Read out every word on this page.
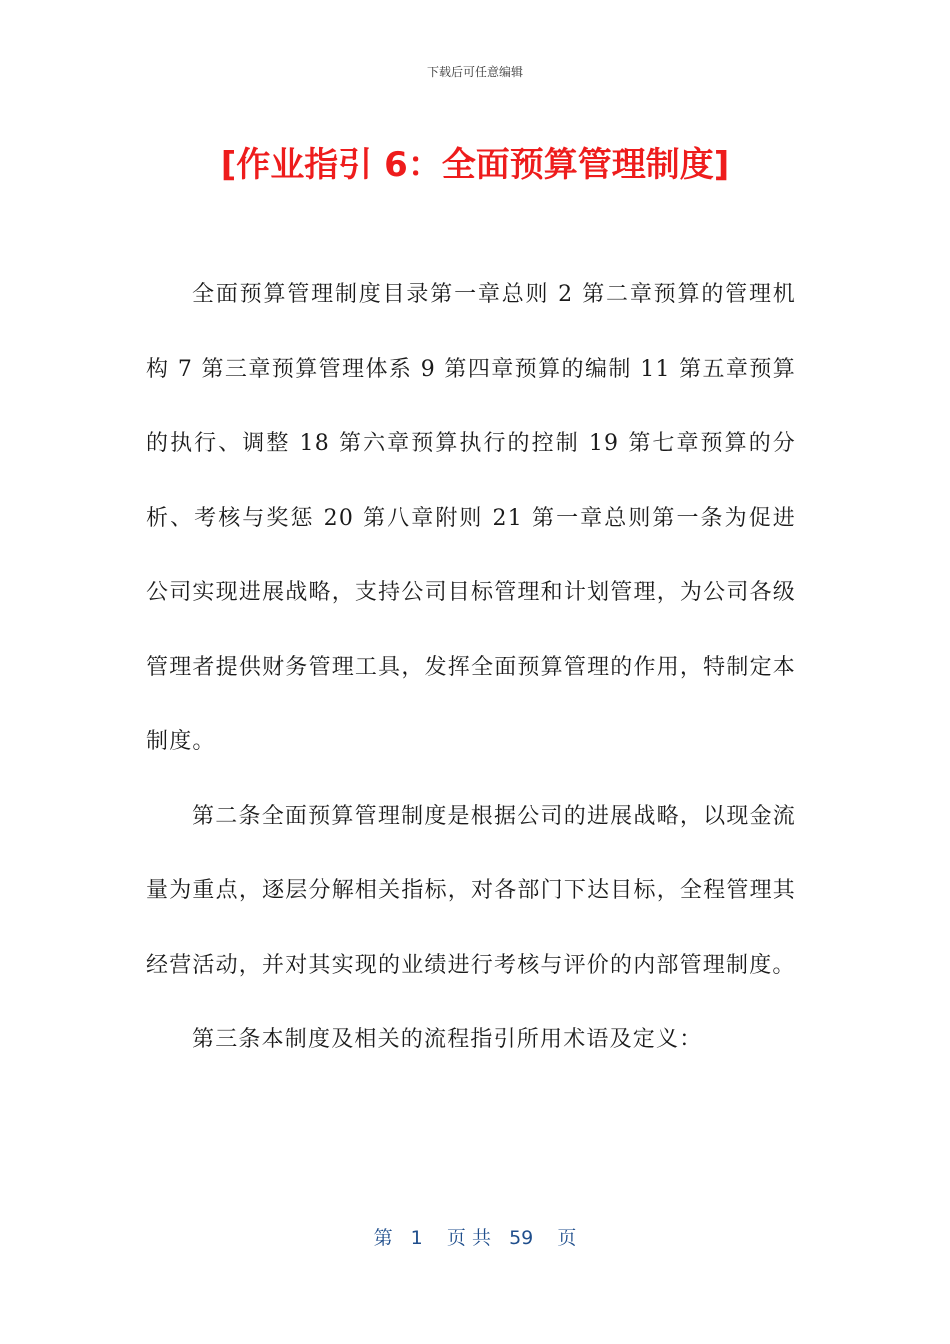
下载后可任意编辑
[作业指引 6：全面预算管理制度]

全面预算管理制度目录第一章总则 2 第二章预算的管理机构 7 第三章预算管理体系 9 第四章预算的编制 11 第五章预算的执行、调整 18 第六章预算执行的控制 19 第七章预算的分析、考核与奖惩 20 第八章附则 21 第一章总则第一条为促进公司实现进展战略，支持公司目标管理和计划管理，为公司各级管理者提供财务管理工具，发挥全面预算管理的作用，特制定本制度。

第二条全面预算管理制度是根据公司的进展战略，以现金流量为重点，逐层分解相关指标，对各部门下达目标，全程管理其经营活动，并对其实现的业绩进行考核与评价的内部管理制度。

第三条本制度及相关的流程指引所用术语及定义：

第   1    页 共   59    页
